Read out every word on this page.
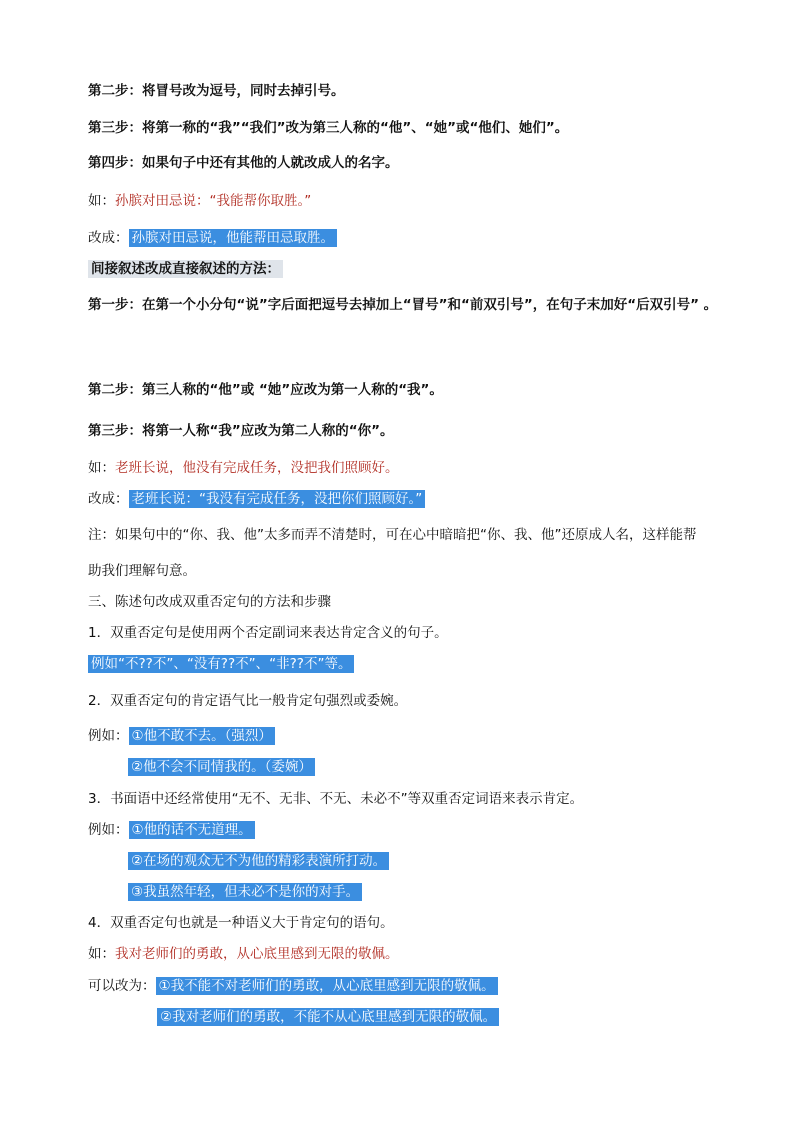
第二步：将冒号改为逗号，同时去掉引号。
第三步：将第一称的“我”“我们”改为第三人称的“他”、“她”或“他们、她们”。
第四步：如果句子中还有其他的人就改成人的名字。
如：孙膑对田忌说：“我能帮你取胜。”
改成： 孙膑对田忌说，他能帮田忌取胜。
间接叙述改成直接叙述的方法：
第一步：在第一个小分句“说”字后面把逗号去掉加上“冒号”和“前双引号”，在句子末加好“后双引号” 。
第二步：第三人称的“他”或 “她”应改为第一人称的“我”。
第三步：将第一人称“我”应改为第二人称的“你”。
如：老班长说，他没有完成任务，没把我们照顾好。
改成： 老班长说：“我没有完成任务，没把你们照顾好。”
注：如果句中的“你、我、他”太多而弄不清楚时，可在心中暗暗把“你、我、他”还原成人名，这样能帮
助我们理解句意。
三、陈述句改成双重否定句的方法和步骤
1．双重否定句是使用两个否定副词来表达肯定含义的句子。
例如“不??不”、“没有??不”、“非??不”等。
2．双重否定句的肯定语气比一般肯定句强烈或委婉。
例如： ①他不敢不去。（强烈）
②他不会不同情我的。（委婉）
3．书面语中还经常使用“无不、无非、不无、未必不”等双重否定词语来表示肯定。
例如： ①他的话不无道理。
②在场的观众无不为他的精彩表演所打动。
③我虽然年轻，但未必不是你的对手。
4．双重否定句也就是一种语义大于肯定句的语句。
如：我对老师们的勇敢，从心底里感到无限的敬佩。
可以改为： ①我不能不对老师们的勇敢，从心底里感到无限的敬佩。
②我对老师们的勇敢，不能不从心底里感到无限的敬佩。
